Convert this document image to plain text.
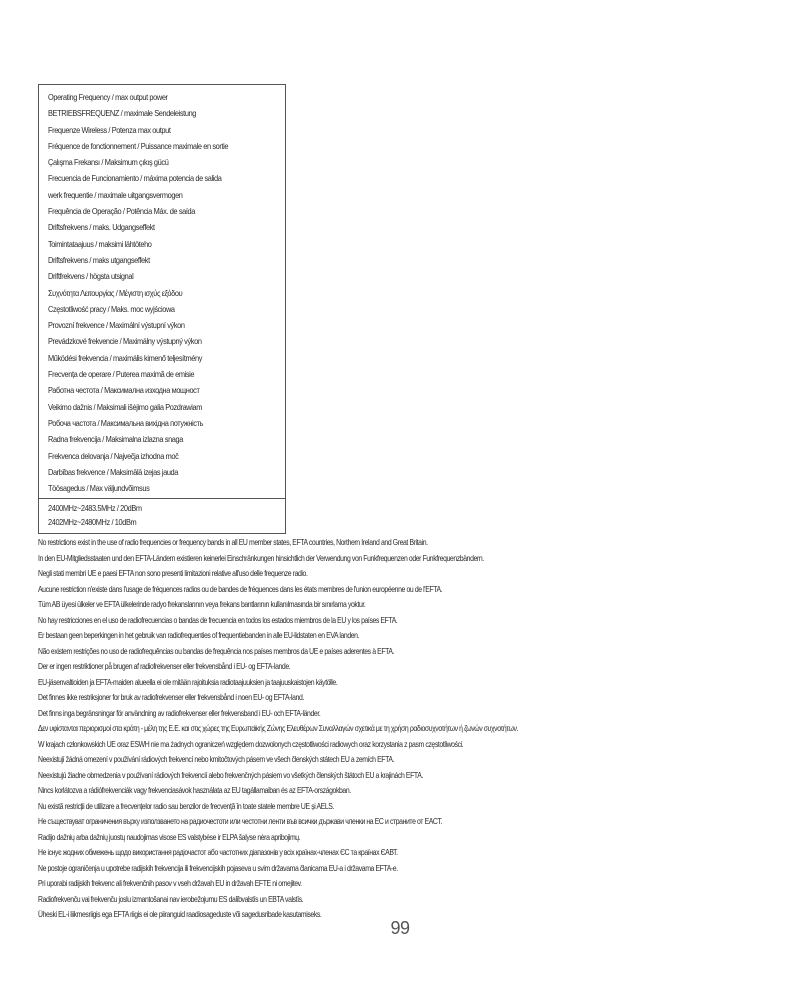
Operating Frequency / max output power
BETRIEBSFREQUENZ / maximale Sendeleistung
Frequenze Wireless / Potenza max output
Fréquence de fonctionnement / Puissance maximale en sortie
Çalışma Frekansı / Maksimum çıkış gücü
Frecuencia de Funcionamiento / máxima potencia de salida
werk frequentie / maximale uitgangsvermogen
Frequência de Operação / Potência Máx. de saída
Driftsfrekvens / maks. Udgangseffekt
Toimintataajuus / maksimi lähtöteho
Driftsfrekvens / maks utgangseffekt
Driftfrekvens / högsta utsignal
Συχνότητα Λειτουργίας / Μέγιστη ισχύς εξόδου
Częstotliwość pracy / Maks. moc wyjściowa
Provozní frekvence / Maximální výstupní výkon
Prevádzkové frekvencie / Maximálny výstupný výkon
Működési frekvencia / maximális kimenő teljesítmény
Frecvența de operare / Puterea maximă de emisie
Работна честота / Максимална изходна мощност
Veikimo dažnis / Maksimali išėjimo galia Pozdrawiam
Робоча частота / Максимальна вихідна потужність
Radna frekvencija / Maksimalna izlazna snaga
Frekvenca delovanja / Največja izhodna moč
Darbības frekvence / Maksimālā izejas jauda
Töösagedus / Max väljundvõimsus
2400MHz~2483.5MHz / 20dBm
2402MHz~2480MHz / 10dBm
No restrictions exist in the use of radio frequencies or frequency bands in all EU member states, EFTA countries, Northern Ireland and Great Britain.
In den EU-Mitgliedsstaaten und den EFTA-Ländern existieren keinerlei Einschränkungen hinsichtlich der Verwendung von Funkfrequenzen oder Funkfrequenzbändern.
Negli stati membri UE e paesi EFTA non sono presenti limitazioni relative all'uso delle frequenze radio.
Aucune restriction n'existe dans l'usage de fréquences radios ou de bandes de fréquences dans les états membres de l'union européenne ou de l'EFTA.
Tüm AB üyesi ülkeler ve EFTA ülkelerinde radyo frekanslarının veya frekans bantlarının kullanılmasında bir sınırlama yoktur.
No hay restricciones en el uso de radiofrecuencias o bandas de frecuencia en todos los estados miembros de la EU y los países EFTA.
Er bestaan geen beperkingen in het gebruik van radiofrequenties of frequentiebanden in alle EU-lidstaten en EVA landen.
Não existem restrições no uso de radiofrequências ou bandas de frequência nos países membros da UE e países aderentes à EFTA.
Der er ingen restriktioner på brugen af radiofrekvenser eller frekvensbånd i EU- og EFTA-lande.
EU-jäsenvaltioiden ja EFTA-maiden alueella ei ole mitään rajoituksia radiotaajuuksien ja taajuuskaistojen käytölle.
Det finnes ikke restriksjoner for bruk av radiofrekvenser eller frekvensbånd i noen EU- og EFTA-land.
Det finns inga begränsningar för användning av radiofrekvenser eller frekvensband i EU- och EFTA-länder.
Δεν υφίστανται περιορισμοί στα κράτη - μέλη της Ε.Ε. και στις χώρες της Ευρωπαϊκής Ζώνης Ελευθέρων Συναλλαγών σχετικά με τη χρήση ραδιοσυχνοτήτων ή ζωνών συχνοτήτων.
W krajach członkowskich UE oraz ESWH nie ma żadnych ograniczeń względem dozwolonych częstotliwości radiowych oraz korzystania z pasm częstotliwości.
Neexistují žádná omezení v používání rádiových frekvencí nebo kmitočtových pásem ve všech členských státech EU a zemích EFTA.
Neexistujú žiadne obmedzenia v používaní rádiových frekvencií alebo frekvenčných pásiem vo všetkých členských štátoch EU a krajinách EFTA.
Nincs korlátozva a rádiófrekvenciák vagy frekvenciasávok használata az EU tagállamaiban és az EFTA-országokban.
Nu există restricții de utilizare a frecvențelor radio sau benzilor de frecvență în toate statele membre UE și AELS.
Не съществуват ограничения върху използването на радиочестоти или честотни ленти във всички държави членки на ЕС и страните от EACT.
Radijo dažnių arba dažnių juostų naudojimas visose ES valstybėse ir ELPA šalyse nėra apribojimų.
Не існує жодних обмежень щодо використання радіочастот або частотних діапазонів у всіх країнах-членах ЄС та країнах ЄАВТ.
Ne postoje ograničenja u upotrebe radijskih frekvencija ili frekvencijskih pojaseva u svim državama članicama EU-a i državama EFTA-e.
Pri uporabi radijskih frekvenc ali frekvenčnih pasov v vseh državah EU in državah EFTE ni omejitev.
Radiofrekvenču vai frekvenču joslu izmantošanai nav ierobežojumu ES dalībvalstīs un EBTA valstīs.
Üheski EL-i liikmesriigis ega EFTA riigis ei ole piiranguid raadiosageduste või sagedusribade kasutamiseks.
99
